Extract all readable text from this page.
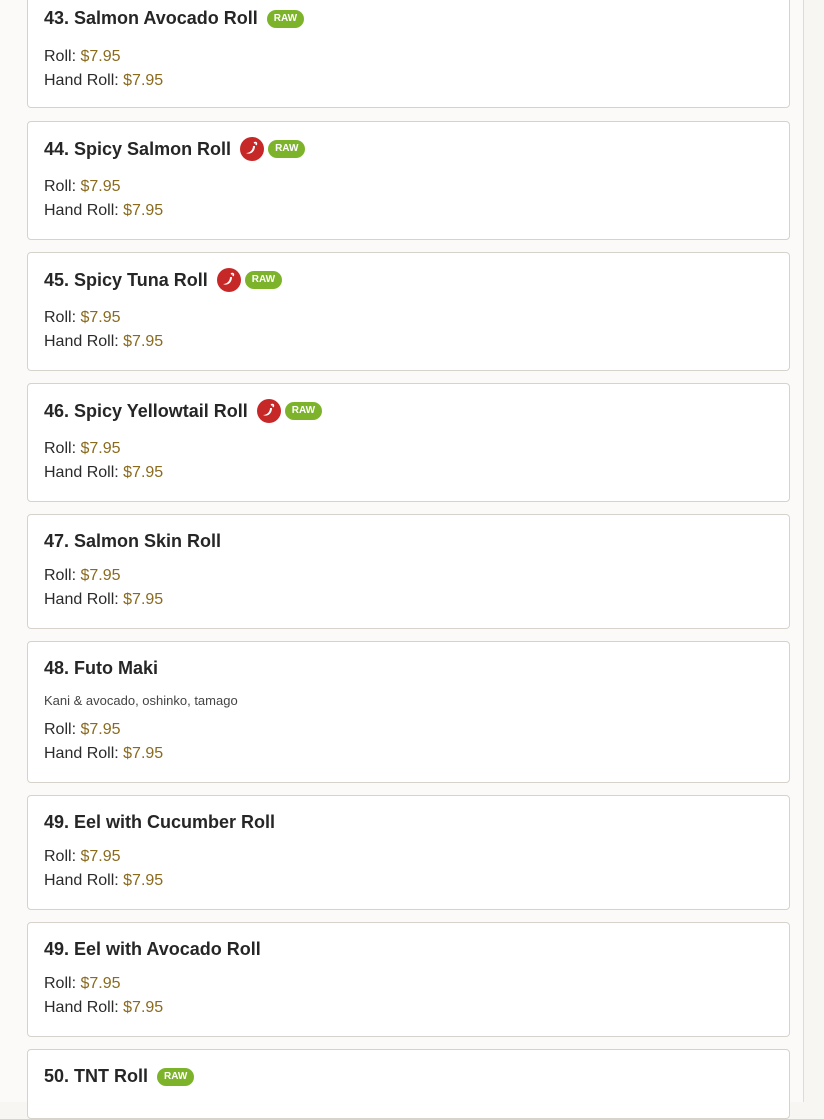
43. Salmon Avocado Roll	RAW
Roll: $7.95
Hand Roll: $7.95
44. Spicy Salmon Roll	RAW
Roll: $7.95
Hand Roll: $7.95
45. Spicy Tuna Roll	RAW
Roll: $7.95
Hand Roll: $7.95
46. Spicy Yellowtail Roll	RAW
Roll: $7.95
Hand Roll: $7.95
47. Salmon Skin Roll
Roll: $7.95
Hand Roll: $7.95
48. Futo Maki
Kani & avocado, oshinko, tamago
Roll: $7.95
Hand Roll: $7.95
49. Eel with Cucumber Roll
Roll: $7.95
Hand Roll: $7.95
49. Eel with Avocado Roll
Roll: $7.95
Hand Roll: $7.95
50. TNT Roll	RAW
